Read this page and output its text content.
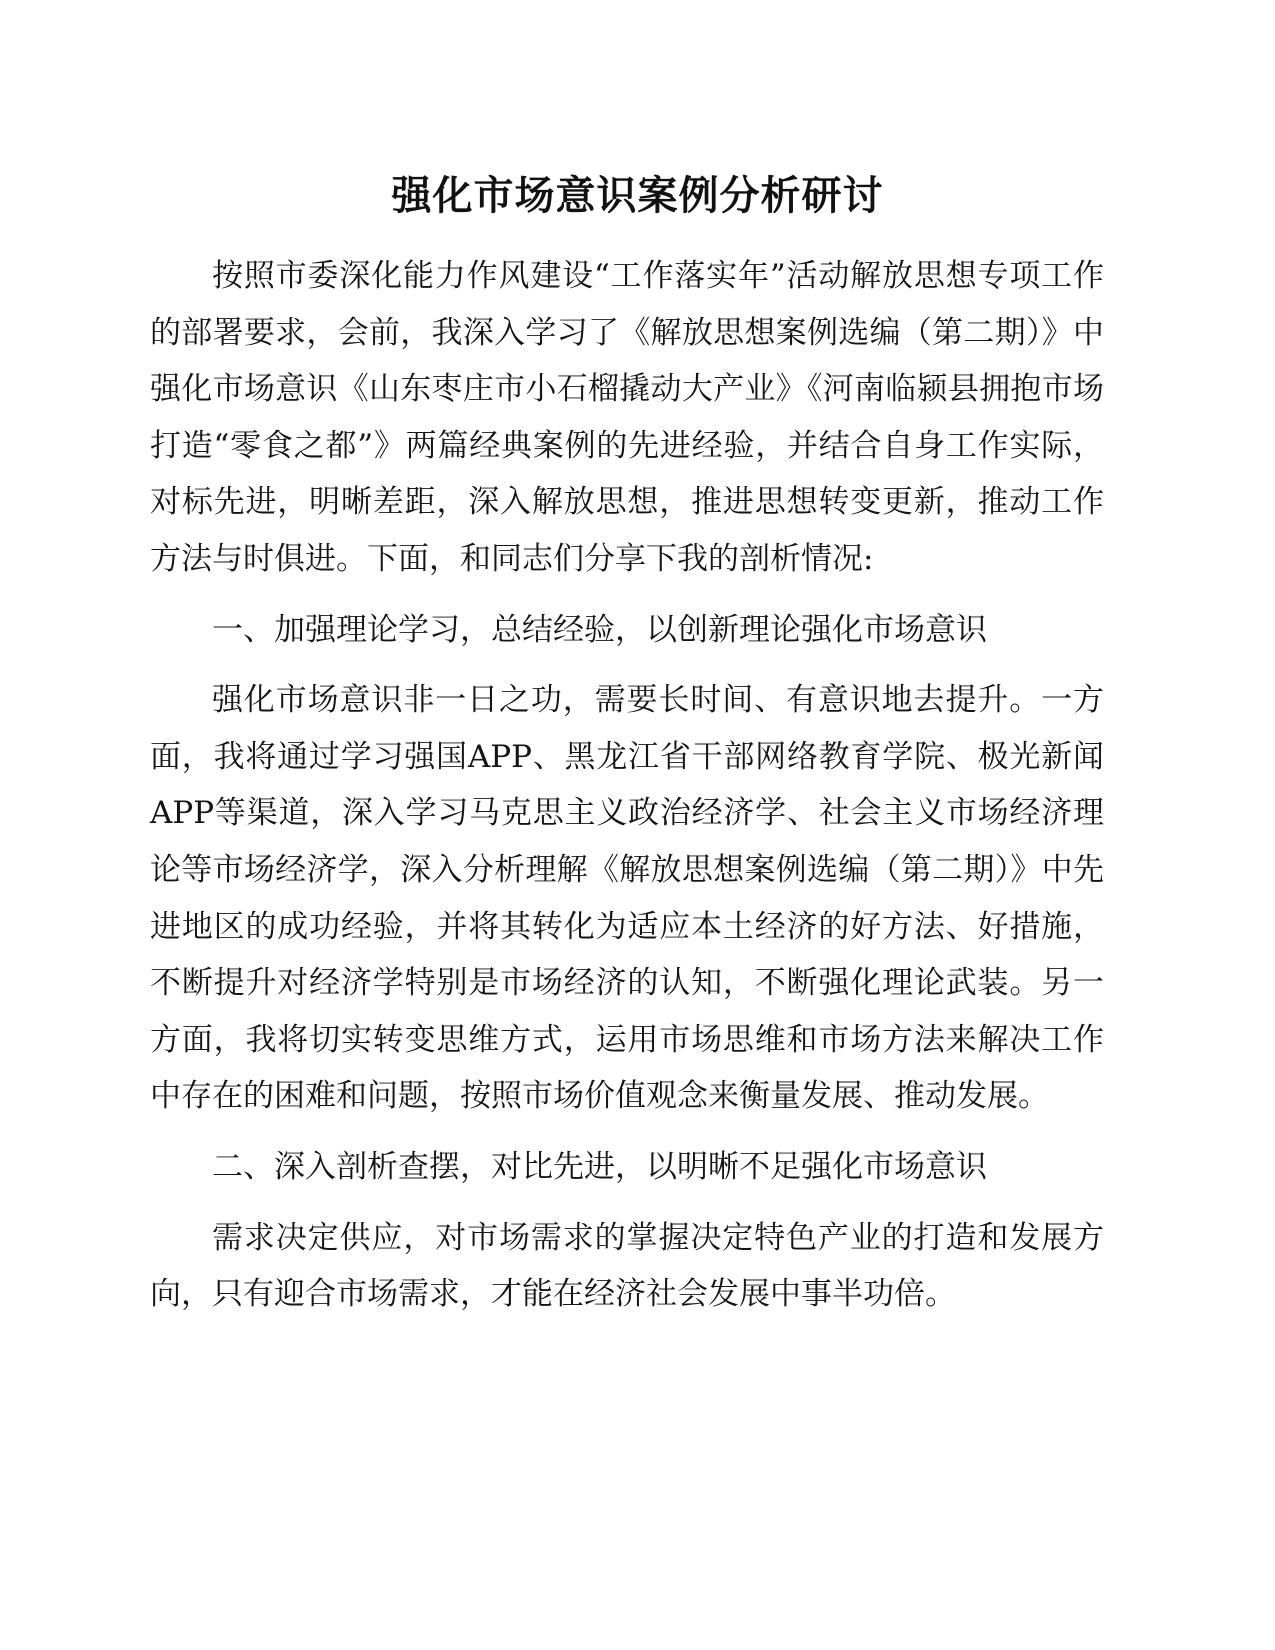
强化市场意识案例分析研讨

按照市委深化能力作风建设“工作落实年”活动解放思想专项工作的部署要求，会前，我深入学习了《解放思想案例选编（第二期）》中强化市场意识《山东枣庄市小石榴撬动大产业》《河南临颍县拥抱市场打造“零食之都”》两篇经典案例的先进经验，并结合自身工作实际，对标先进，明晰差距，深入解放思想，推进思想转变更新，推动工作方法与时俱进。下面，和同志们分享下我的剖析情况:

一、加强理论学习，总结经验，以创新理论强化市场意识

强化市场意识非一日之功，需要长时间、有意识地去提升。一方面，我将通过学习强国APP、黑龙江省干部网络教育学院、极光新闻APP等渠道，深入学习马克思主义政治经济学、社会主义市场经济理论等市场经济学，深入分析理解《解放思想案例选编（第二期）》中先进地区的成功经验，并将其转化为适应本土经济的好方法、好措施，不断提升对经济学特别是市场经济的认知，不断强化理论武装。另一方面，我将切实转变思维方式，运用市场思维和市场方法来解决工作中存在的困难和问题，按照市场价值观念来衡量发展、推动发展。

二、深入剖析查摆，对比先进，以明晰不足强化市场意识

需求决定供应，对市场需求的掌握决定特色产业的打造和发展方向，只有迎合市场需求，才能在经济社会发展中事半功倍。
